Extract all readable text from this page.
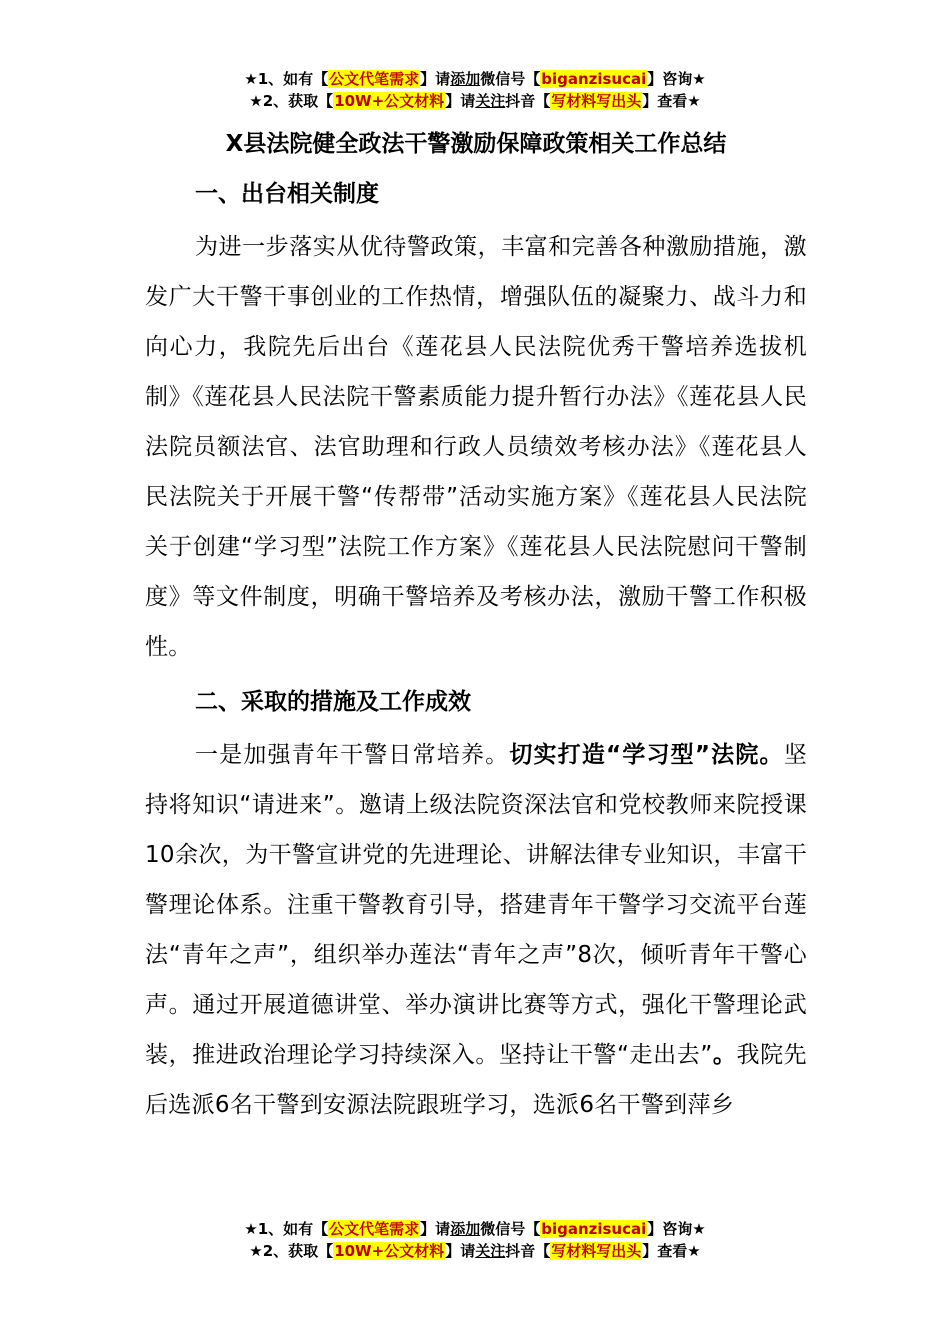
★1、如有【公文代笔需求】请添加微信号【biganzisucai】咨询★
★2、获取【10W+公文材料】请关注抖音【写材料写出头】查看★
X县法院健全政法干警激励保障政策相关工作总结
一、出台相关制度

为进一步落实从优待警政策，丰富和完善各种激励措施，激发广大干警干事创业的工作热情，增强队伍的凝聚力、战斗力和向心力，我院先后出台《莲花县人民法院优秀干警培养选拔机制》《莲花县人民法院干警素质能力提升暂行办法》《莲花县人民法院员额法官、法官助理和行政人员绩效考核办法》《莲花县人民法院关于开展干警“传帮带”活动实施方案》《莲花县人民法院关于创建“学习型”法院工作方案》《莲花县人民法院慰问干警制度》等文件制度，明确干警培养及考核办法，激励干警工作积极性。

二、采取的措施及工作成效

一是加强青年干警日常培养。切实打造“学习型”法院。坚持将知识“请进来”。邀请上级法院资深法官和党校教师来院授课10余次，为干警宣讲党的先进理论、讲解法律专业知识，丰富干警理论体系。注重干警教育引导，搭建青年干警学习交流平台莲法“青年之声”，组织举办莲法“青年之声”8次，倾听青年干警心声。通过开展道德讲堂、举办演讲比赛等方式，强化干警理论武装，推进政治理论学习持续深入。坚持让干警“走出去”。我院先后选派6名干警到安源法院跟班学习，选派6名干警到萍乡

★1、如有【公文代笔需求】请添加微信号【biganzisucai】咨询★
★2、获取【10W+公文材料】请关注抖音【写材料写出头】查看★
